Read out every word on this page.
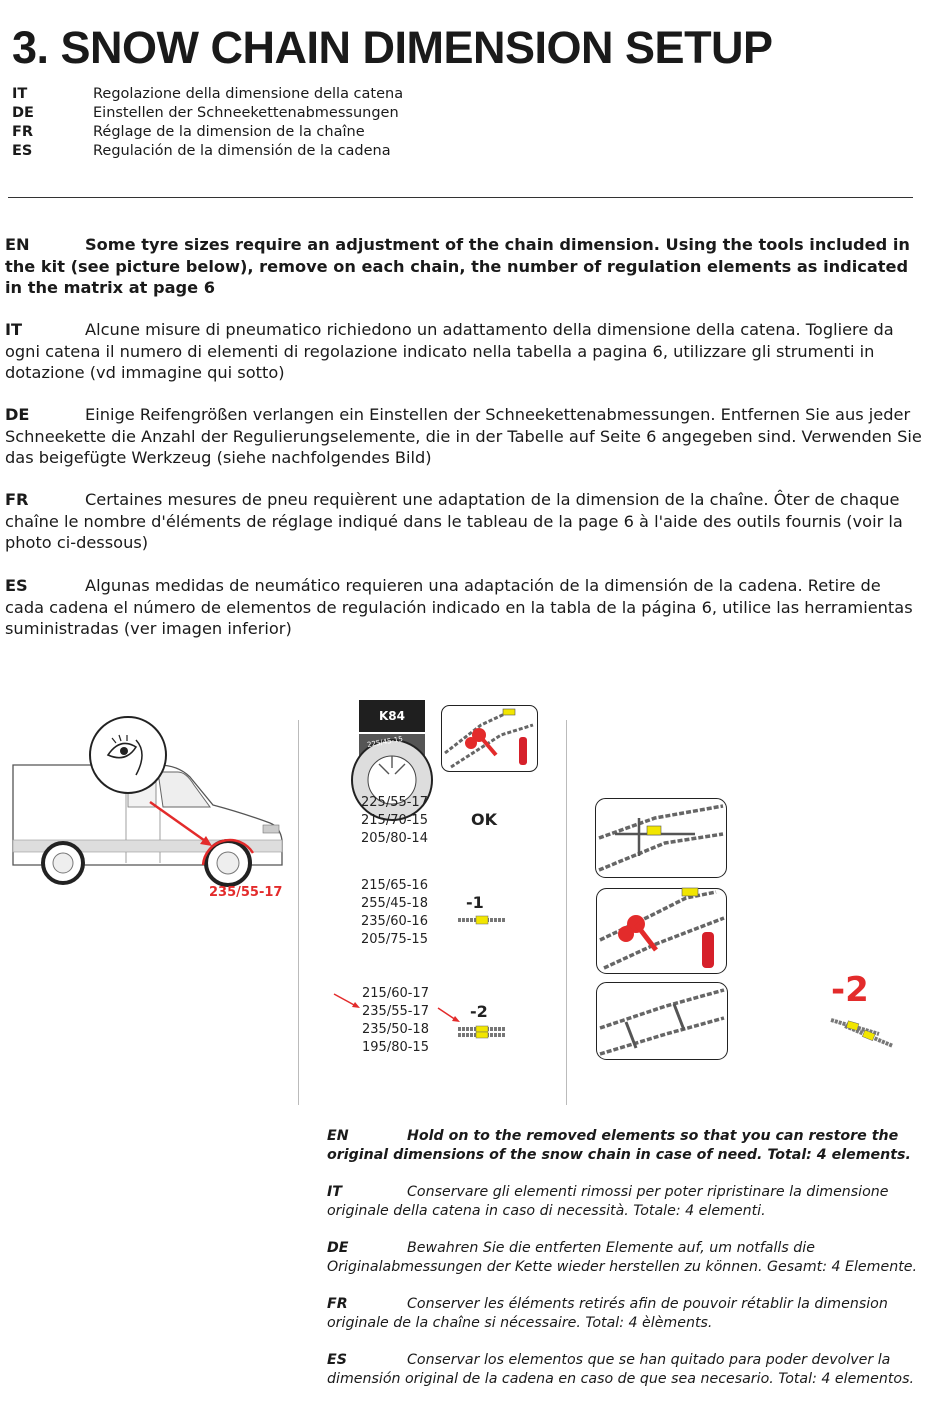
3. SNOW CHAIN DIMENSION SETUP
IT	Regolazione della dimensione della catena
DE	Einstellen der Schneekettenabmessungen
FR	Réglage de la dimension de la chaîne
ES	Regulación de la dimensión de la cadena
EN	Some tyre sizes require an adjustment of the chain dimension. Using the tools included in the kit (see picture below), remove on each chain, the number of regulation elements as indicated in the matrix at page 6
IT	Alcune misure di pneumatico richiedono un adattamento della dimensione della catena. Togliere da ogni catena il numero di elementi di regolazione indicato nella tabella a pagina 6, utilizzare gli strumenti in dotazione (vd immagine qui sotto)
DE	Einige Reifengrößen verlangen ein Einstellen der Schneekettenabmessungen. Entfernen Sie aus jeder Schneekette die Anzahl der Regulierungselemente, die in der Tabelle auf Seite 6 angegeben sind. Verwenden Sie das beigefügte Werkzeug (siehe nachfolgendes Bild)
FR	Certaines mesures de pneu requièrent une adaptation de la dimension de la chaîne. Ôter de chaque chaîne le nombre d'éléments de réglage indiqué dans le tableau de la page 6 à l'aide des outils fournis (voir la photo ci-dessous)
ES	Algunas medidas de neumático requieren una adaptación de la dimensión de la cadena. Retire de cada cadena el número de elementos de regulación indicado en la tabla de la página 6, utilice las herramientas suministradas (ver imagen inferior)
235/55-17
K84
225/45-15
225/55-17
215/70-15
205/80-14
OK
215/65-16
255/45-18
235/60-16
205/75-15
-1
215/60-17
235/55-17
235/50-18
195/80-15
-2
-2
EN	Hold on to the removed elements so that you can restore the original dimensions of the snow chain in case of need. Total: 4 elements.
IT	Conservare gli elementi rimossi per poter ripristinare la dimensione originale della catena in caso di necessità. Totale: 4 elementi.
DE	Bewahren Sie die entferten Elemente auf, um notfalls die Originalabmessungen der Kette wieder herstellen zu können. Gesamt: 4 Elemente.
FR	Conserver les éléments retirés afin de pouvoir rétablir la dimension originale de la chaîne si nécessaire. Total: 4 èlèments.
ES	Conservar los elementos que se han quitado para poder devolver la dimensión original de la cadena en caso de que sea necesario. Total: 4 elementos.
